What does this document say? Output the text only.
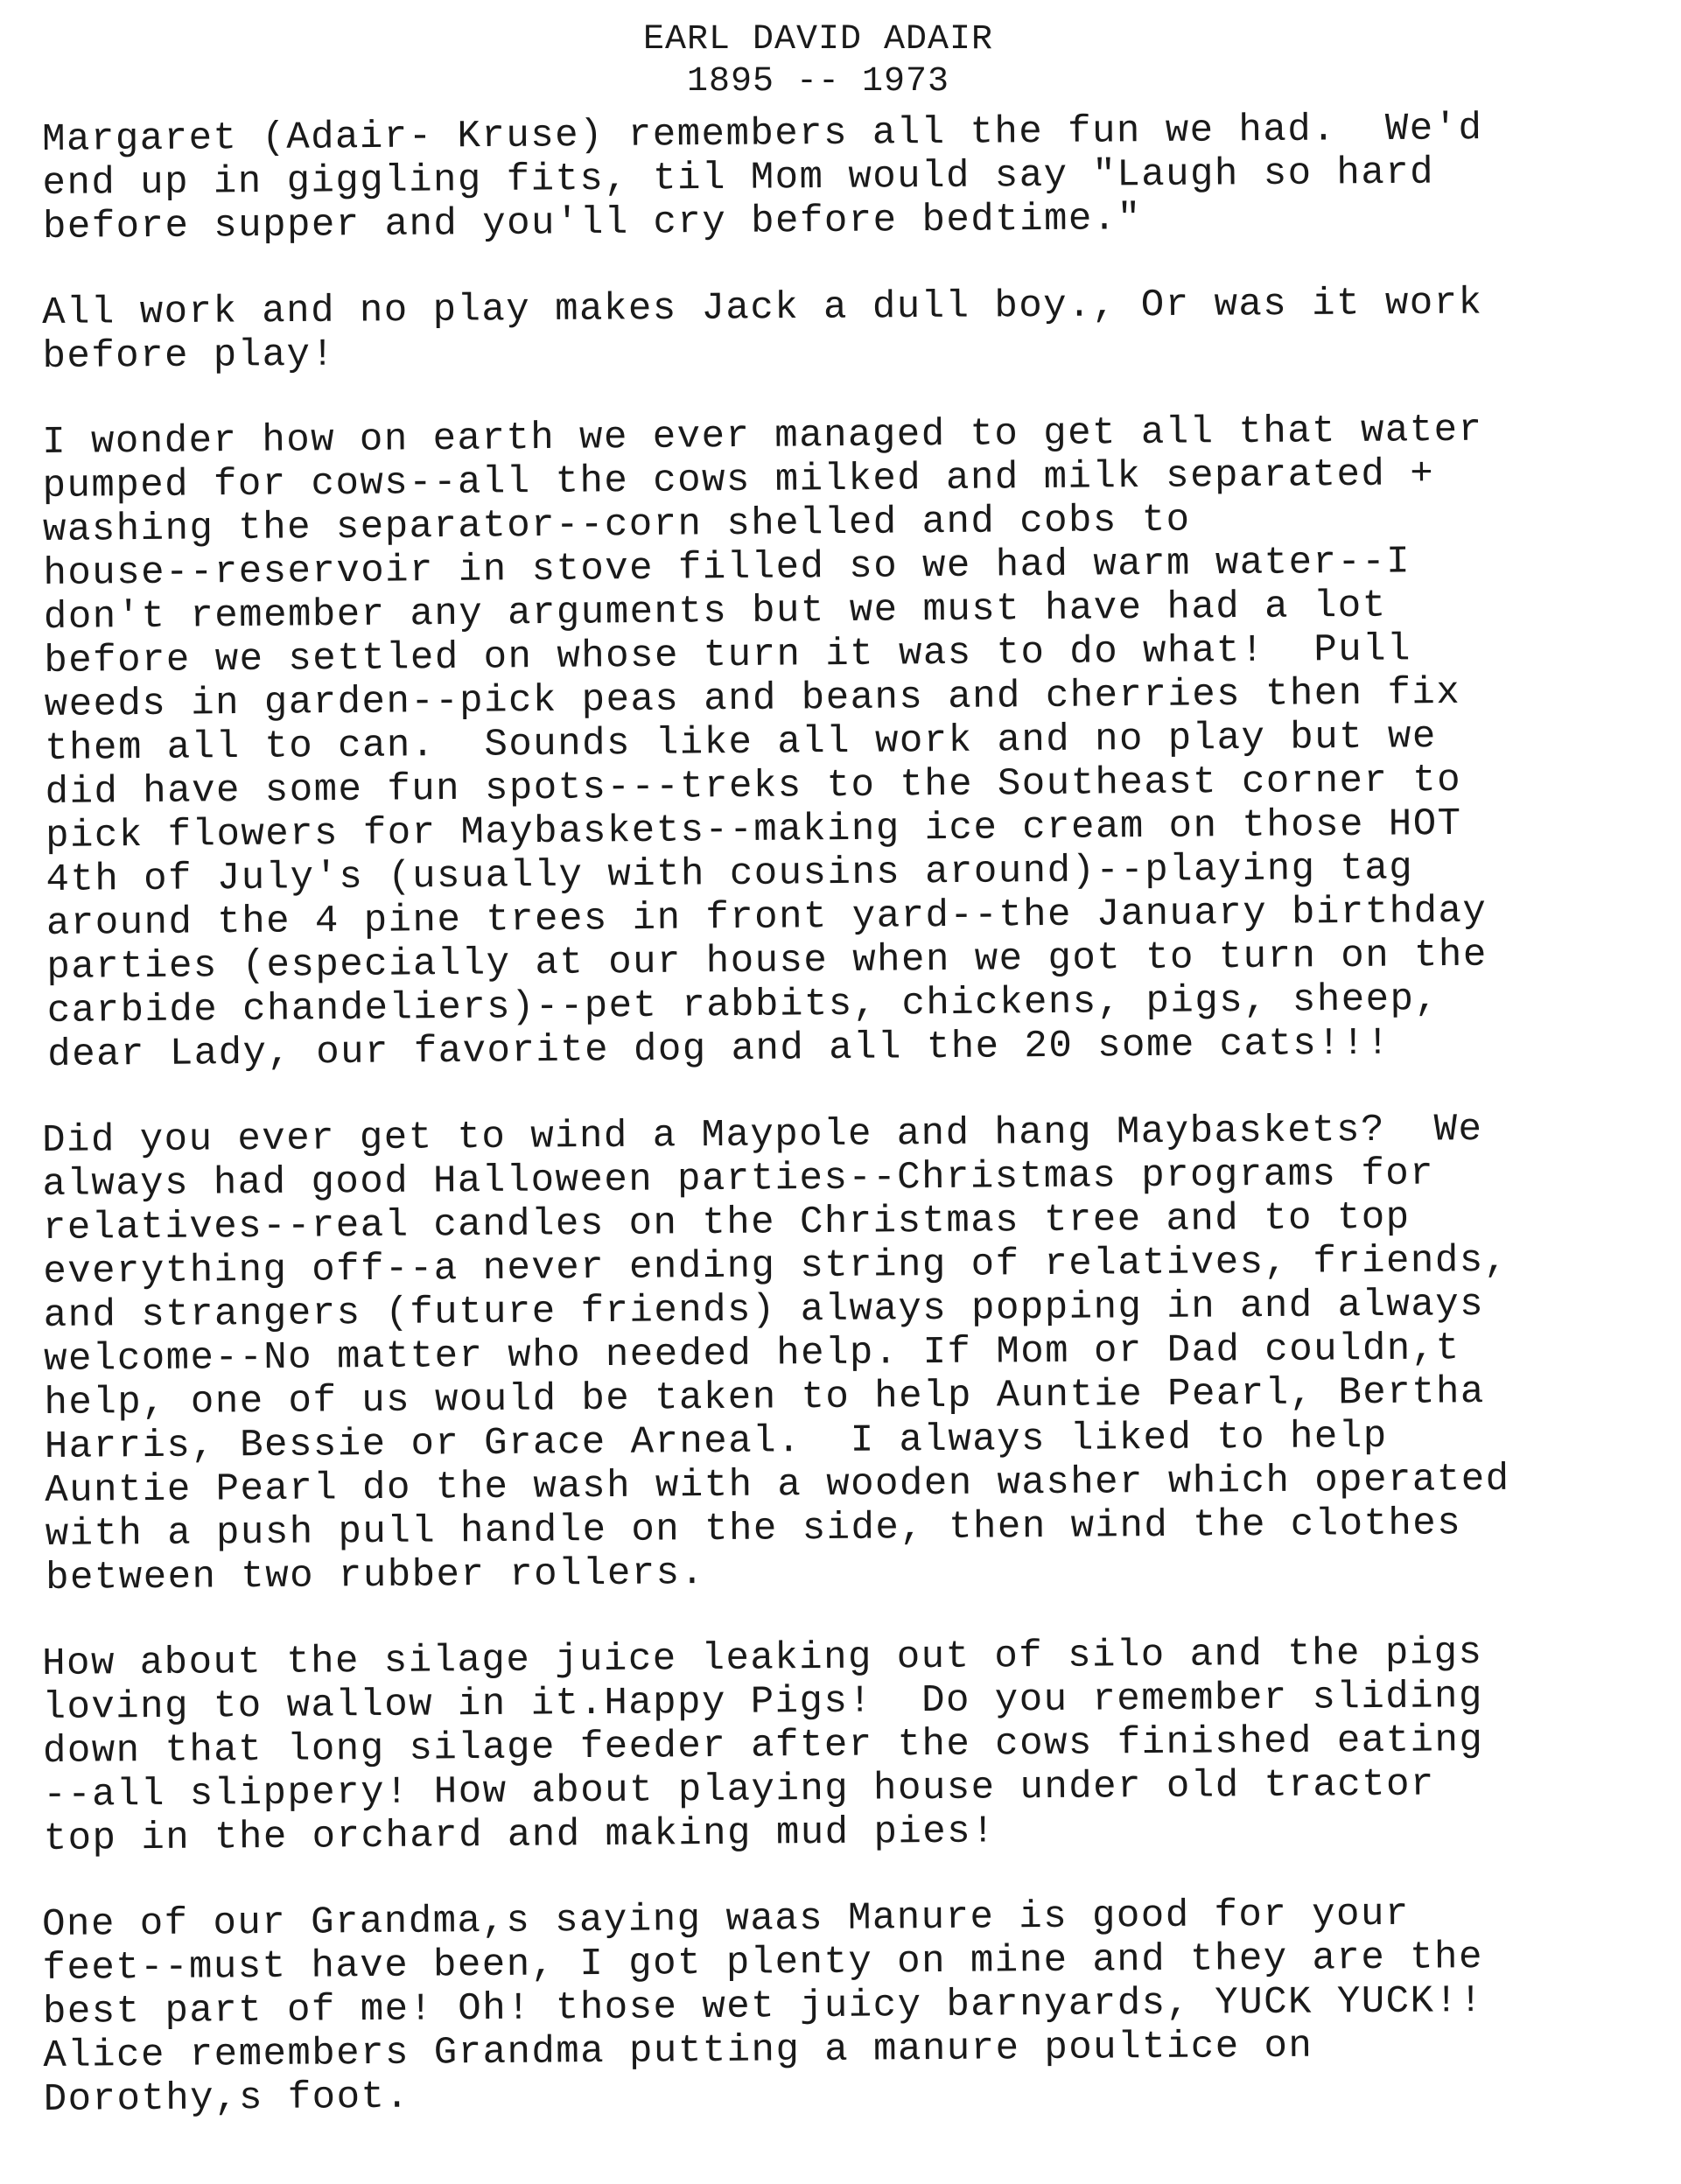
EARL DAVID ADAIR
1895 -- 1973
Margaret (Adair- Kruse) remembers all the fun we had.  We'd
end up in giggling fits, til Mom would say "Laugh so hard
before supper and you'll cry before bedtime."
All work and no play makes Jack a dull boy., Or was it work
before play!
I wonder how on earth we ever managed to get all that water
pumped for cows--all the cows milked and milk separated +
washing the separator--corn shelled and cobs to
house--reservoir in stove filled so we had warm water--I
don't remember any arguments but we must have had a lot
before we settled on whose turn it was to do what!  Pull
weeds in garden--pick peas and beans and cherries then fix
them all to can.  Sounds like all work and no play but we
did have some fun spots---treks to the Southeast corner to
pick flowers for Maybaskets--making ice cream on those HOT
4th of July's (usually with cousins around)--playing tag
around the 4 pine trees in front yard--the January birthday
parties (especially at our house when we got to turn on the
carbide chandeliers)--pet rabbits, chickens, pigs, sheep,
dear Lady, our favorite dog and all the 20 some cats!!!
Did you ever get to wind a Maypole and hang Maybaskets?  We
always had good Halloween parties--Christmas programs for
relatives--real candles on the Christmas tree and to top
everything off--a never ending string of relatives, friends,
and strangers (future friends) always popping in and always
welcome--No matter who needed help. If Mom or Dad couldn,t
help, one of us would be taken to help Auntie Pearl, Bertha
Harris, Bessie or Grace Arneal.  I always liked to help
Auntie Pearl do the wash with a wooden washer which operated
with a push pull handle on the side, then wind the clothes
between two rubber rollers.
How about the silage juice leaking out of silo and the pigs
loving to wallow in it.Happy Pigs!  Do you remember sliding
down that long silage feeder after the cows finished eating
--all slippery! How about playing house under old tractor
top in the orchard and making mud pies!
One of our Grandma,s saying waas Manure is good for your
feet--must have been, I got plenty on mine and they are the
best part of me! Oh! those wet juicy barnyards, YUCK YUCK!!
Alice remembers Grandma putting a manure poultice on
Dorothy,s foot.
